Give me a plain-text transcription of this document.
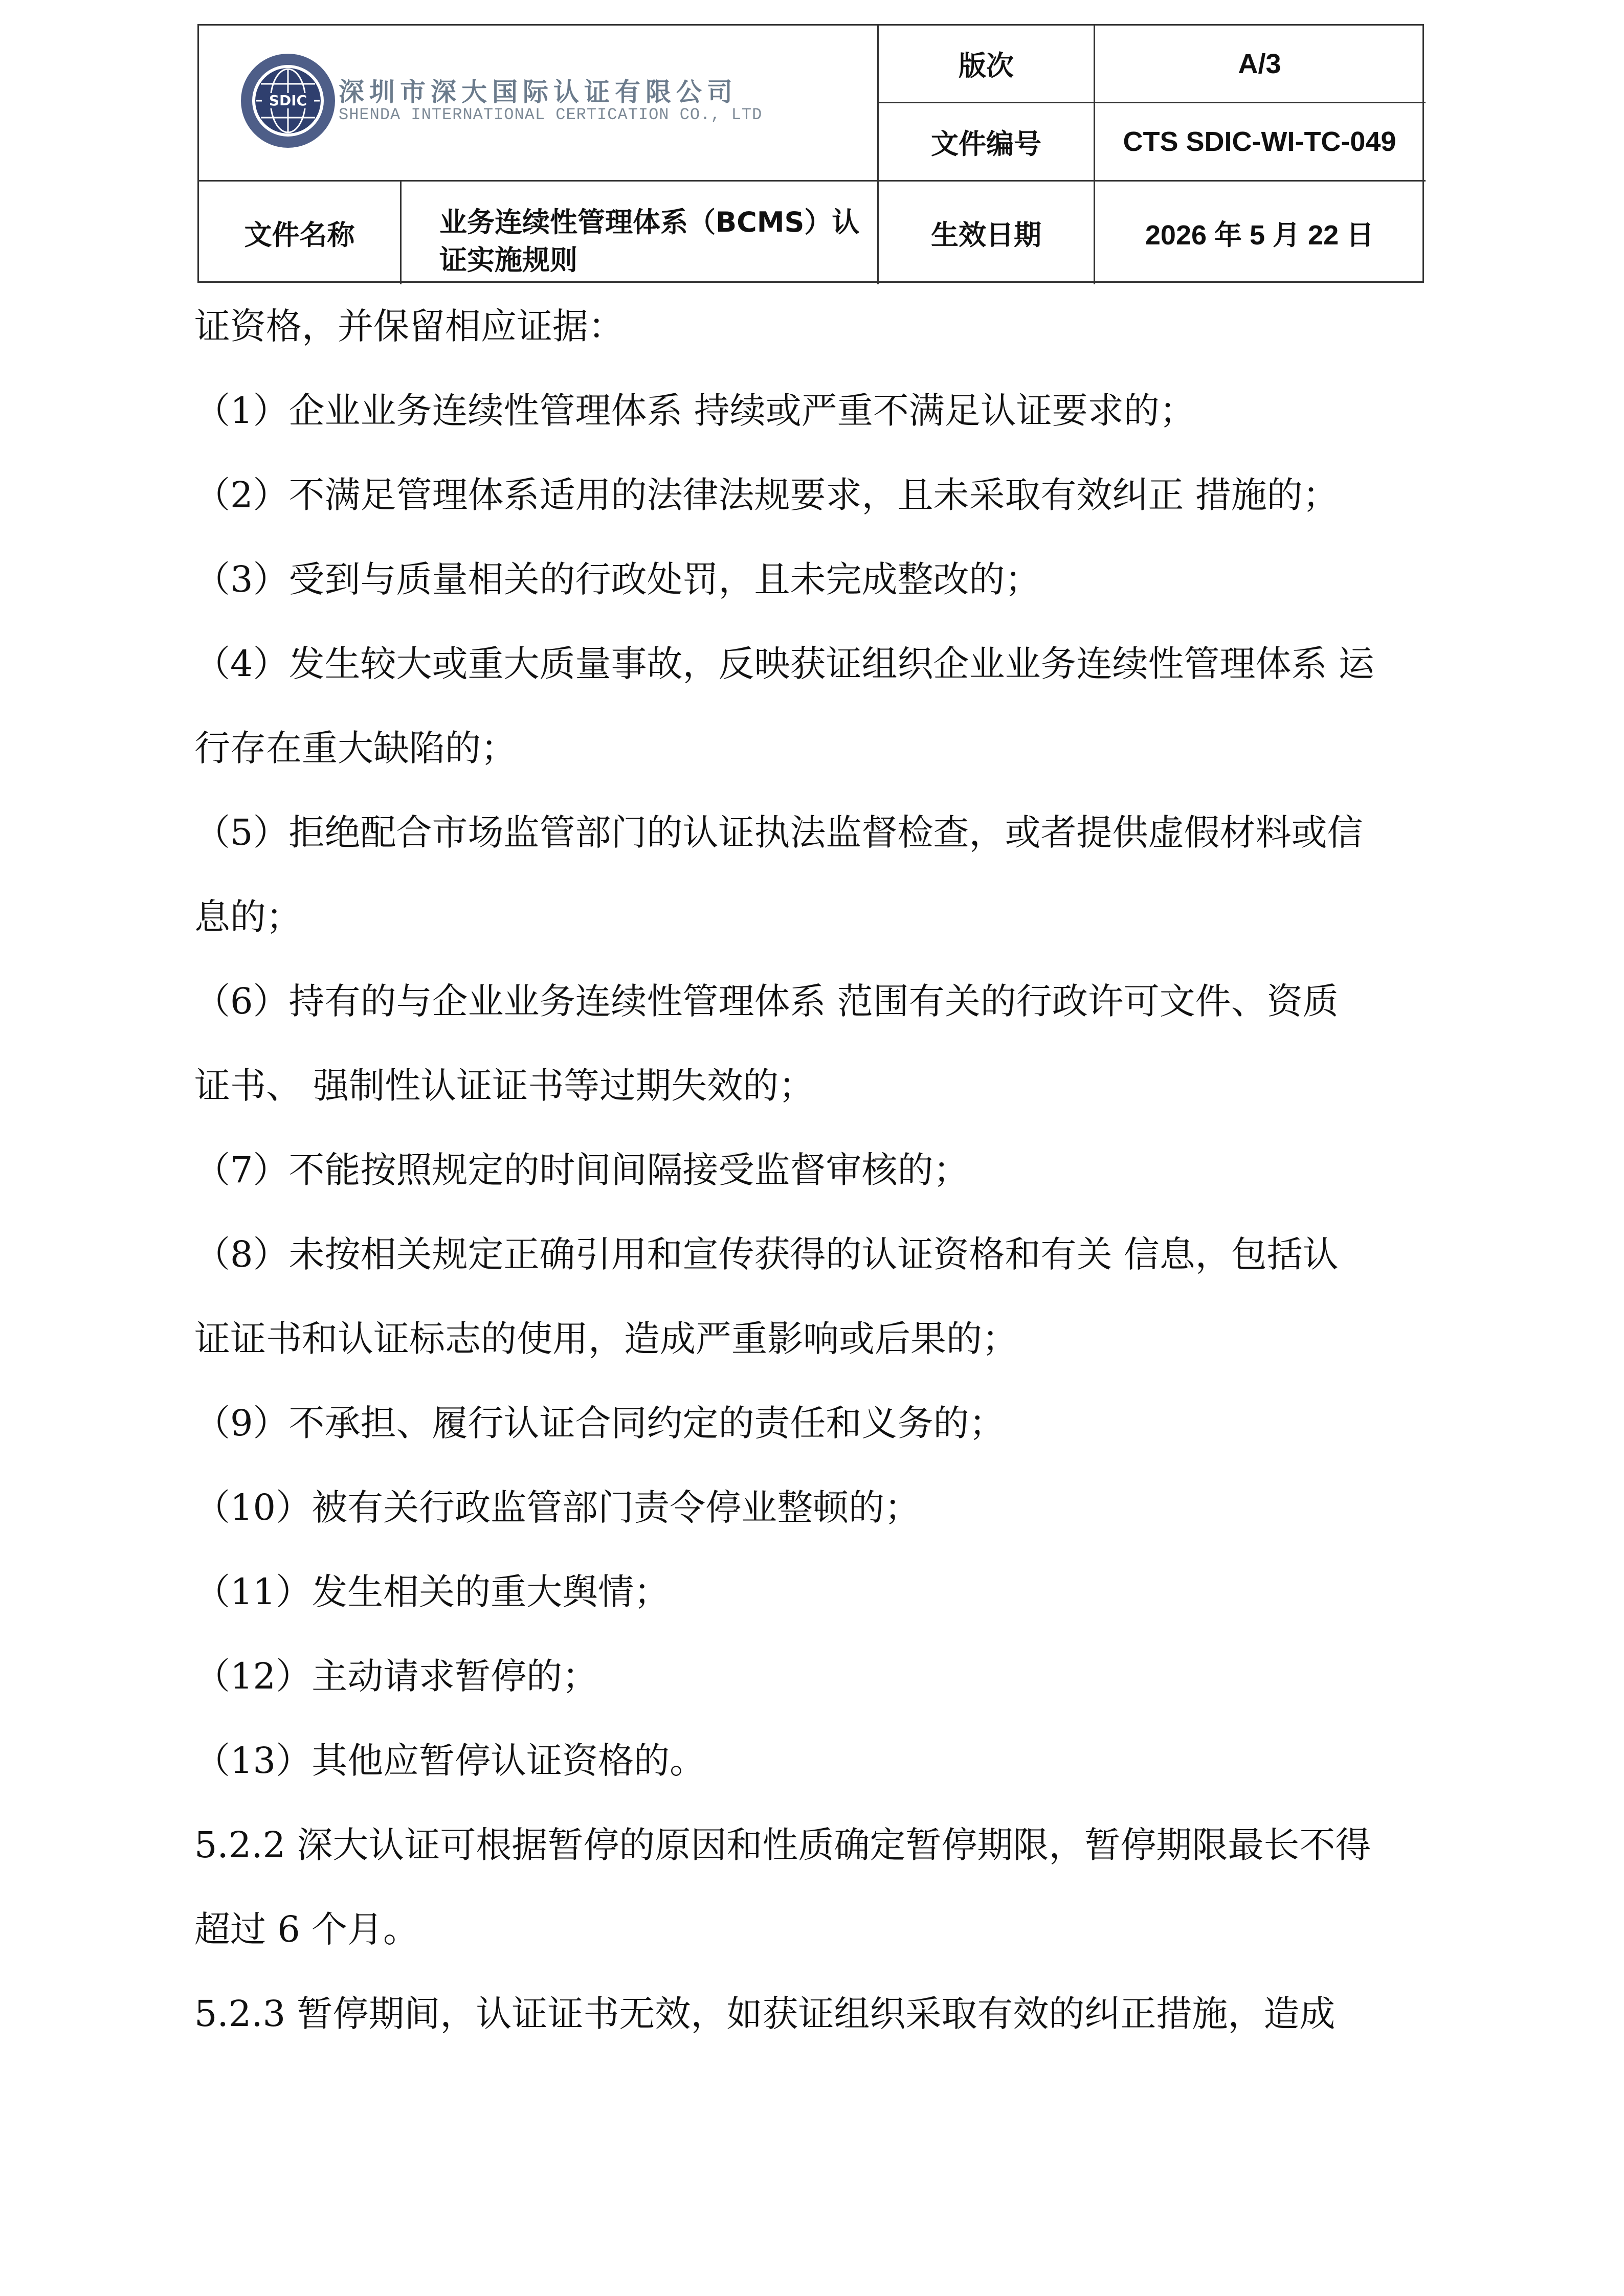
版次	A/3
文件编号	CTS SDIC-WI-TC-049
文件名称	业务连续性管理体系（BCMS）认
证实施规则
生效日期	2026 年 5 月 22 日
SDIC 深圳市深大国际认证有限公司
SHENDA INTERNATIONAL CERTICATION CO., LTD
证资格，并保留相应证据：
（1）企业业务连续性管理体系 持续或严重不满足认证要求的；
（2）不满足管理体系适用的法律法规要求，且未采取有效纠正 措施的；
（3）受到与质量相关的行政处罚，且未完成整改的；
（4）发生较大或重大质量事故，反映获证组织企业业务连续性管理体系 运
行存在重大缺陷的；
（5）拒绝配合市场监管部门的认证执法监督检查，或者提供虚假材料或信
息的；
（6）持有的与企业业务连续性管理体系 范围有关的行政许可文件、资质
证书、 强制性认证证书等过期失效的；
（7）不能按照规定的时间间隔接受监督审核的；
（8）未按相关规定正确引用和宣传获得的认证资格和有关 信息，包括认
证证书和认证标志的使用，造成严重影响或后果的；
（9）不承担、履行认证合同约定的责任和义务的；
（10）被有关行政监管部门责令停业整顿的；
（11）发生相关的重大舆情；
（12）主动请求暂停的；
（13）其他应暂停认证资格的。
5.2.2 深大认证可根据暂停的原因和性质确定暂停期限，暂停期限最长不得
超过 6 个月。
5.2.3 暂停期间，认证证书无效，如获证组织采取有效的纠正措施，造成
